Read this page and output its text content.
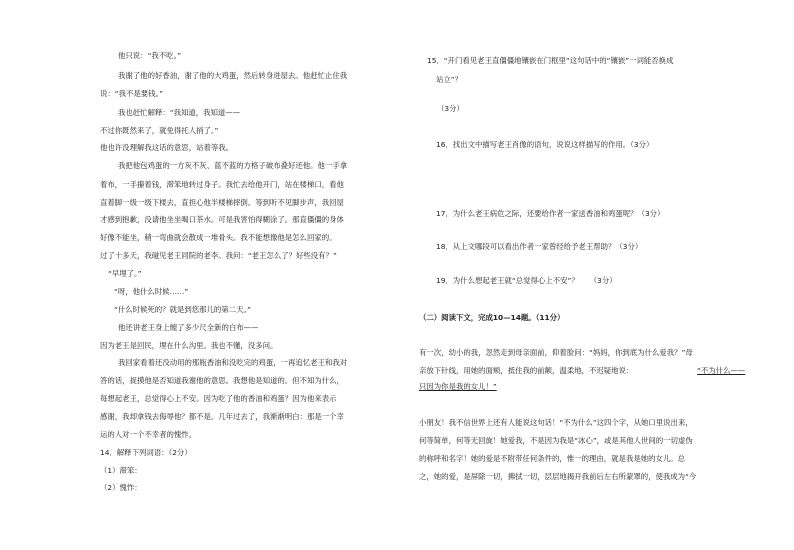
他只说：“我不吃。”
我谢了他的好香油，谢了他的大鸡蛋，然后转身进屋去。他赶忙止住我
说：“我不是要钱。”
我也赶忙解释：“我知道，我知道——
不过你既然来了，就免得托人捎了。”
他也许没理解我这话的意思，站着等我。
我把他包鸡蛋的一方灰不灰、蓝不蓝的方格子破布叠好还他。他一手拿
着布，一手攥着钱，滞笨地转过身子。我忙去给他开门，站在楼梯口，看他
直着脚一级一级下楼去，直担心他半楼梯摔倒。等到听不见脚步声，我回屋
才感到抱歉，没请他坐坐喝口茶水。可是我害怕得糊涂了。那直僵僵的身体
好像不能坐，稍一弯曲就会散成一堆骨头。我不能想像他是怎么回家的。
过了十多天，我碰见老王同院的老李。我问：“老王怎么了？好些没有？”
“早埋了。”
“呀，他什么时候……”
“什么时候死的？就是到您那儿的第二天。”
他还讲老王身上缠了多少尺全新的白布——
因为老王是回民，埋在什么沟里。我也不懂，没多问。
我回家看着还没动用的那瓶香油和没吃完的鸡蛋，一再追忆老王和我对
答的话，捉摸他是否知道我谢他的意思。我想他是知道的。但不知为什么，
每想起老王，总觉得心上不安。因为吃了他的香油和鸡蛋？因为他来表示
感谢，我却拿钱去侮辱他？都不是。几年过去了，我渐渐明白：那是一个幸
运的人对一个不幸者的愧怍。
14．解释下列词语：（2分）
（1）滞笨：
（2）愧怍：
15．“开门看见老王直僵僵地镶嵌在门框里”这句话中的“镶嵌”一词能否换成
站立”？
（3分）
16．找出文中描写老王肖像的语句，说说这样描写的作用。（3分）
17．为什么老王病危之际，还要给作者一家送香油和鸡蛋呢？（3分）
18．从上文哪段可以看出作者一家曾经给予老王帮助？（3分）
19．为什么想起老王就“总觉得心上不安”？　　（3分）
（二）阅读下文，完成10—14题。（11分）
有一次，幼小的我，忽然走到母亲面前，仰着脸问：“妈妈，你到底为什么爱我？”母
亲放下针线，用她的面颊，抵住我的前额，温柔地，不迟疑地说：	“不为什么——
只因为你是我的女儿！”
小朋友！我不信世界上还有人能说这句话！“不为什么”这四个字，从她口里说出来，
何等简单，何等无回旋！她爱我，不是因为我是“冰心”，或是其他人世间的一切虚伪
的称呼和名字！她的爱是不附带任何条件的，惟一的理由，就是我是她的女儿。总
之，她的爱，是屏除一切，拂拭一切，层层地揭开我前后左右所蒙罩的，使我成为“今
